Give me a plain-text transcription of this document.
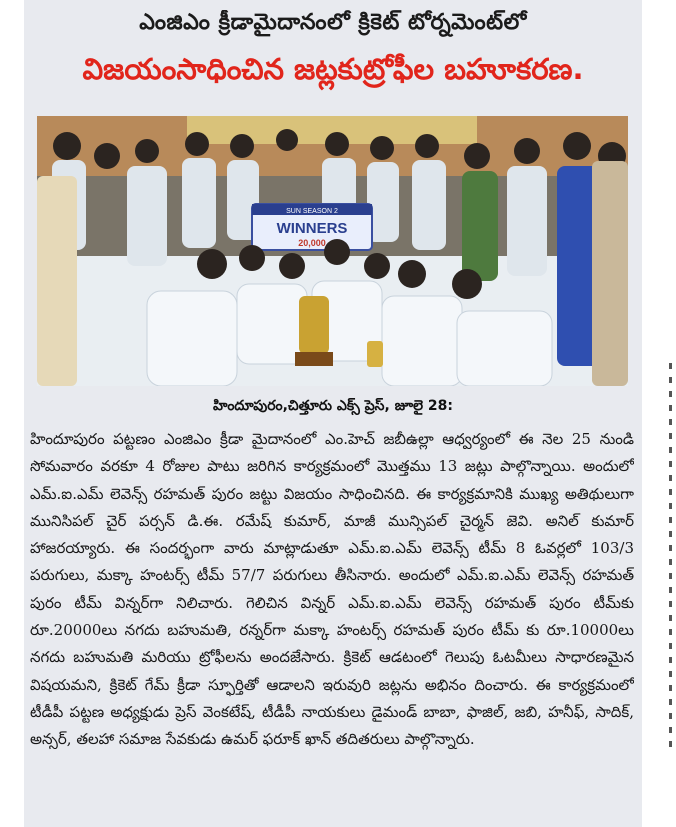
ఎంజిఎం క్రీడామైదానంలో క్రికెట్ టోర్నమెంట్‌లో
విజయంసాధించిన జట్లకుట్రోఫీల బహూకరణ.
SUN SEASON 2
WINNERS
20,000
హిందూపురం,చిత్తూరు ఎక్స్ ప్రెస్, జూలై 28:
హిందూపురం పట్టణం ఎంజిఎం క్రీడా మైదానంలో ఎం.హెచ్ జబీఉల్లా ఆధ్వర్యంలో ఈ నెల 25 నుండి సోమవారం వరకూ 4 రోజుల పాటు జరిగిన కార్యక్రమంలో మొత్తము 13 జట్లు పాల్గొన్నాయి. అందులో ఎమ్.ఐ.ఎమ్ లెవెన్స్ రహమత్ పురం జట్టు విజయం సాధించినది. ఈ కార్యక్రమానికి ముఖ్య అతిథులుగా మునిసిపల్ చైర్ పర్సన్ డి.ఈ. రమేష్ కుమార్, మాజీ మున్సిపల్ చైర్మన్ జెవి. అనిల్ కుమార్ హాజరయ్యారు. ఈ సందర్భంగా వారు మాట్లాడుతూ ఎమ్.ఐ.ఎమ్ లెవెన్స్ టీమ్ 8 ఓవర్లలో 103/3 పరుగులు, మక్కా హంటర్స్ టీమ్ 57/7 పరుగులు తీసినారు. అందులో ఎమ్.ఐ.ఎమ్ లెవెన్స్ రహమత్ పురం టీమ్ విన్నర్‌గా నిలిచారు. గెలిచిన విన్నర్ ఎమ్.ఐ.ఎమ్ లెవెన్స్ రహమత్ పురం టీమ్‌కు రూ.20000లు నగదు బహుమతి, రన్నర్‌గా మక్కా హంటర్స్ రహమత్ పురం టీమ్ కు రూ.10000లు నగదు బహుమతి మరియు ట్రోఫీలను అందజేసారు. క్రికెట్ ఆడటంలో గెలుపు ఓటమీలు సాధారణమైన విషయమని, క్రికెట్ గేమ్ క్రీడా స్ఫూర్తితో ఆడాలని ఇరువురి జట్లను అభినం దించారు. ఈ కార్యక్రమంలో టీడీపీ పట్టణ అధ్యక్షుడు ప్రెస్ వెంకటేష్, టీడీపీ నాయకులు డైమండ్ బాబా, ఫాజిల్, జబి, హనీఫ్, సాదిక్, అన్సర్, తలహా సమాజ సేవకుడు ఉమర్ ఫరూక్ ఖాన్ తదితరులు పాల్గొన్నారు.
